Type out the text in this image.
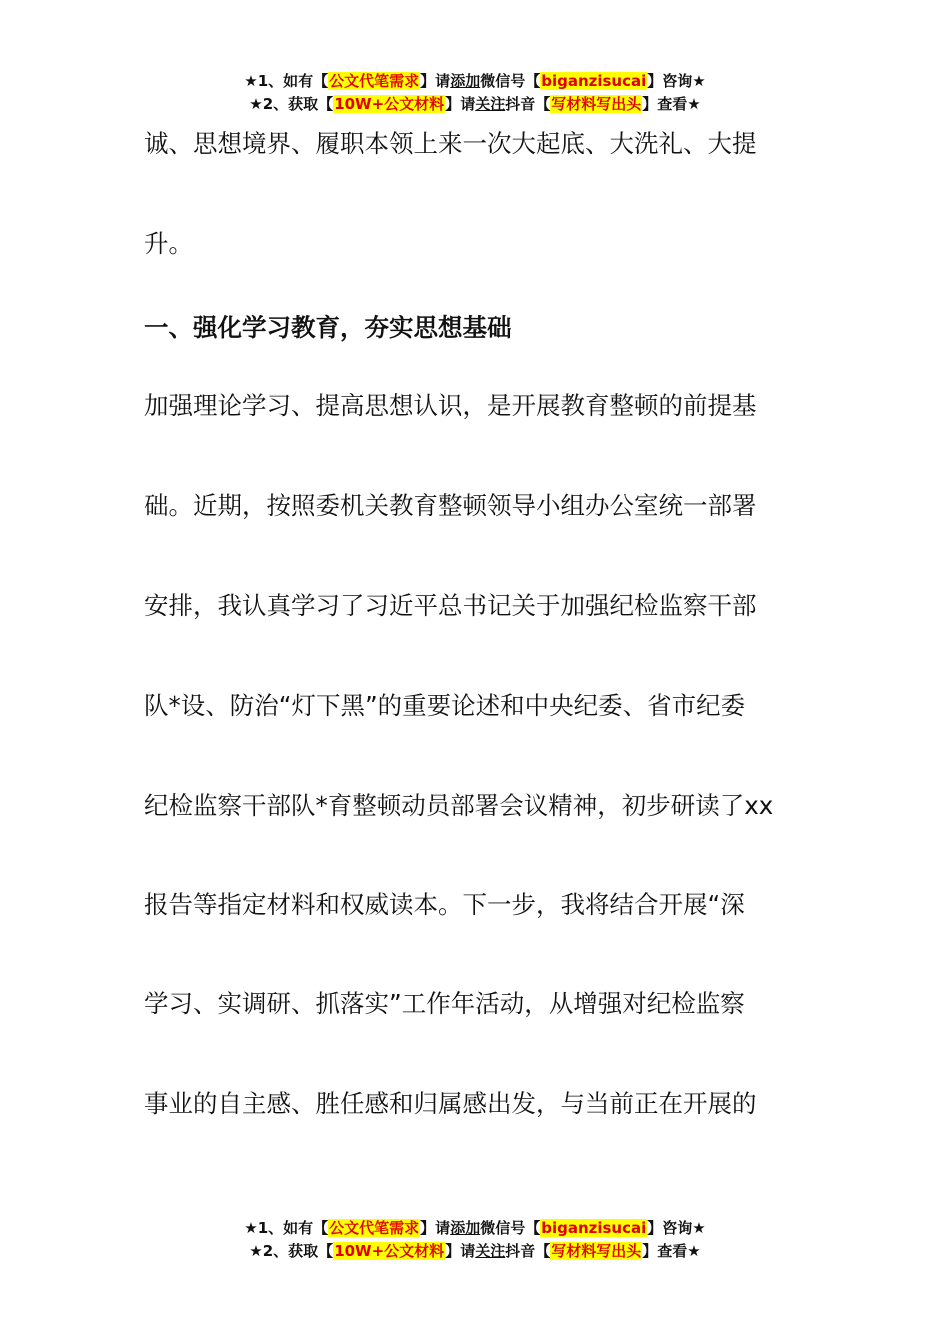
★1、如有【公文代笔需求】请添加微信号【biganzisucai】咨询★
★2、获取【10W+公文材料】请关注抖音【写材料写出头】查看★
诚、思想境界、履职本领上来一次大起底、大洗礼、大提
升。
一、强化学习教育，夯实思想基础
加强理论学习、提高思想认识，是开展教育整顿的前提基
础。近期，按照委机关教育整顿领导小组办公室统一部署
安排，我认真学习了习近平总书记关于加强纪检监察干部
队*设、防治“灯下黑”的重要论述和中央纪委、省市纪委
纪检监察干部队*育整顿动员部署会议精神，初步研读了xx
报告等指定材料和权威读本。下一步，我将结合开展“深
学习、实调研、抓落实”工作年活动，从增强对纪检监察
事业的自主感、胜任感和归属感出发，与当前正在开展的
★1、如有【公文代笔需求】请添加微信号【biganzisucai】咨询★
★2、获取【10W+公文材料】请关注抖音【写材料写出头】查看★
